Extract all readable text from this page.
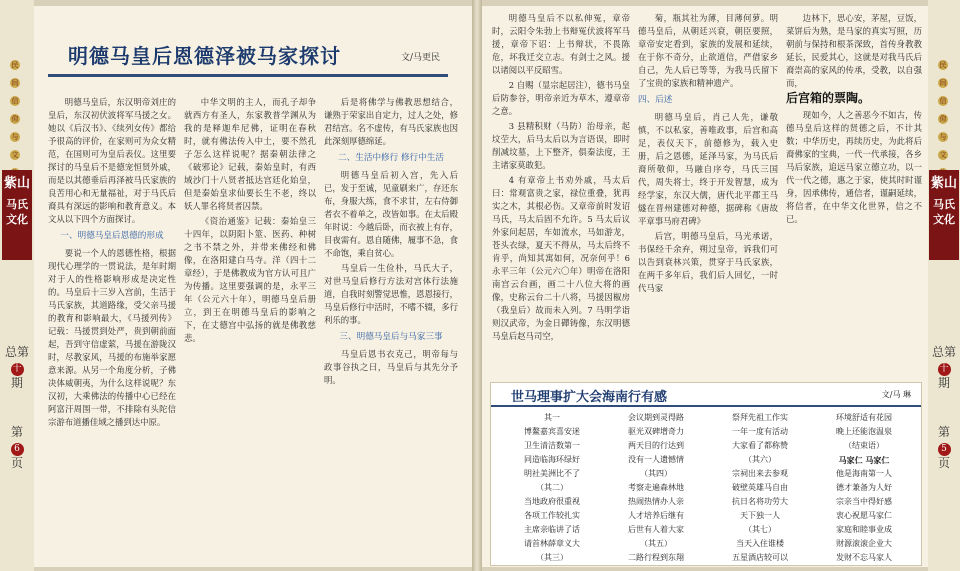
民
间
信
仰
与
文
紫山
马氏文化
总第
十
期
第
6
页
明德马皇后恩德泽被马家探讨	文/马更民

明德马皇后，东汉明帝刘庄的皇后，东汉初伏波将军马援之女。她以《后汉书》、《续列女传》都给予很高的评价，在家则可为众女精范，在国则可为皇后表仪。这里要探讨的马皇后不是德宠恒贤外戚，而是以其德垂后再泽被马氏家族的良苦用心和无量福祉，对于马氏后裔具有深远的影响和教育意义。本文从以下四个方面探讨。

一、明德马皇后恩德的形成

要说一个人的恩德性格，根据现代心理学的一贯说法，是年时期对于人的性格影响形成是决定性的。马皇后十三岁入宫前，生活于马氏家族，其道路缘，受父亲马援的教育和影响最大，《马援列传》记载：马援贯到处严，贵到朝前面起，吾到守信虚萦，马援在游陇汉时，尽教家风，马援的布施举家愿意来源。从另一个角度分析，子佛决体威朝夷，为什么这样说呢？东汉初，大乘佛法的传播中心已经在阿富汗周围一带，不排除有头陀信宗游布道播佳域之播到达中原。

中华文明的主人，而孔子却争就西方有圣人，东家教普学渊从为我的是释迦牟尼佛，证明在春秋时，就有佛法传入中土，要不然孔子怎么这样说呢？据秦朝法律之《破邪论》记载，秦始皇时，有西域沙门十八贤者抵达宫廷化始皇，但是秦始皇求仙要长生不老，终以妖人罪名将贤者囚禁。

《资治通鉴》记载：秦始皇三十四年，以阴阳卜筮、医药、种树之书不禁之外，并带来佛经和佛像，在洛阳建白马寺。洋（四十二章经），于是佛教成为官方认可且广为传播。这里要强调的是，永平三年（公元六十年），明德马皇后册立，到王在明德马皇后的影响之下，在丈德宫中弘扬的就是佛教慈悲。

后是将佛学与佛教思想结合，谦熟于荣家出自定力，过人之处，修君结宫。名不虚传，有马氏家族也因此深刻厚德绵延。

二、生活中修行 修行中生活

明德马皇后初入宫，先入后已，发于至诚，见童刷来广，存还东布，身服大练，食不求甘，左右侍御者衣不着单之，改皆如事。在太后殿年时说：今越后卧，而衣被上有存，目夜需有。恩自随佛，履事不急，食不命饱，乘自贫心。

马皇后一生俭朴，马氏大子，对世马皇后修行方法对宫体行法施道，自我时刻警觉思惟，恩恩接行，马皇后修行中活时，不嗜不辍，多行利乐的事。

三、明德马皇后与马家三事

马皇后恩书衣克己，明帝每与政事谷执之曰，马皇后与其先分予明。

明德马皇后不以私伸冤，章帝时，云阳令朱勃上书辩冤伏波将军马援，章帝下诏：上书辩状，不畏陈危，坏我迁交立志。有剑士之风。援以诸阅以平反昭雪。

2 自赐（显宗起居注），德书马皇后防参谷，明帝亲近为草木，遵章帝之意。

3 县精积财（马防）治母亲，起坟茔大，后马太后以为言语误，即时削减坟墓，上下整齐，俱秦法度，王主诸家莫敢犯。

4 有章帝上书劝外戚，马太后曰：常观富贵之家，禄位重叠，犹再实之木，其根必伤。又章帝前时发诏马氏，马太后固不允许。5 马太后议外家问起居，车如流水，马如游龙，苍头衣绿，夏天不得从，马太后终不肯乎，尚知其寓如何，况奈何乎！6 永平三年（公元六〇年）明帝在洛阳南宫云台画，画二十八位大将的画像，史称云台二十八将，马援因椒房（我皇后）故而未入列。7 马明学诣则汉武帝，为金日磾铸像，东汉明德马皇后赵马司空，

菊，瓶其社为薄，目薄何萝。明德马皇后，从朝廷兴衰，朝臣要照，章帝安定看到，家族的发展和延续，在于你不奇分，止欲道信，严借家乡自己，先人后已等等，为我马氏留下了宝贵的家族和精神遗产。

四、后述

明德马皇后，肖己人先，谦敬慎，不以私家，善唯政事，后宫和高足，表仪天下，前德修为，载入史册，后之恩德，延泽马家，为马氏后裔所敬仰，马融自序夸，马氏三国代，周失将士，终于开发智慧，成为经学家，东汉大儒，唐代北平郡王马燧在晋州建德对种德，据碑称《唐故平章事马府君碑》

后宫，明德马皇后，马光承诺，书保经千余弃，朔过皇帝，诉我们可以告到衰林兴策，贯穿于马氏家族，在两千多年后，我们后人回忆，一时代马家

边林下，思心安，茅屋，豆饭，菜饼后为熟，是马家的真实写照，历朝前与保持和根茶深致，首传身教教延长，民爱其心，这就是对我马氏后裔崇高的家风的传承，受教，以自强而，

后宫箱的票陶。

现如今，人之善恶今不如古，传德马皇后这样的贤德之后，不计其数；中华历史，再续历史，为此将后裔佛家的宝典，一代一代承接，各乡马后家族，追远马家立德立功，以一代一代之德，惠之于家，使其时时谨身，因承佛传，通信者，谨嗣延续，将信者，在中华文化世界，信之不已。

世马理事扩大会海南行有感	文/马 琳
其一
博鳌嘉宾喜安迷
卫生清洁数第一
同造临海环绿好
明社美洲比不了
（其二）
当地政府很重视
各项工作较扎实
主席亲临讲了话
请首林薛章义大
（其三）
会议期到灵得路
驱光双碑增奇力
两天目的行达到
没有一人遗憾情
（其四）
考察走遍森林地
热闹热情办人亲
人才培养后继有
后世有人着大家
（其五）
二路行程到东翔
祭拜先祖工作实
一年一度有活动
大家看了都称赞
（其六）
宗祠出来去参观
破壁英雄马自由
抗日名将功劳大
天下独一人
（其七）
当天入住谁楼
五星酒店较可以
环境舒适有花园
晚上还能泡温泉
（结束语）
马家仁 马家仁
他是海南第一人
德才兼备为人好
宗亲当中得好感
衷心祝愿马家仁
家庭和睦事业成
财源滚滚企业大
发财不忘马家人
民
间
信
仰
与
文
紫山
马氏文化
总第
十
期
第
5
页
